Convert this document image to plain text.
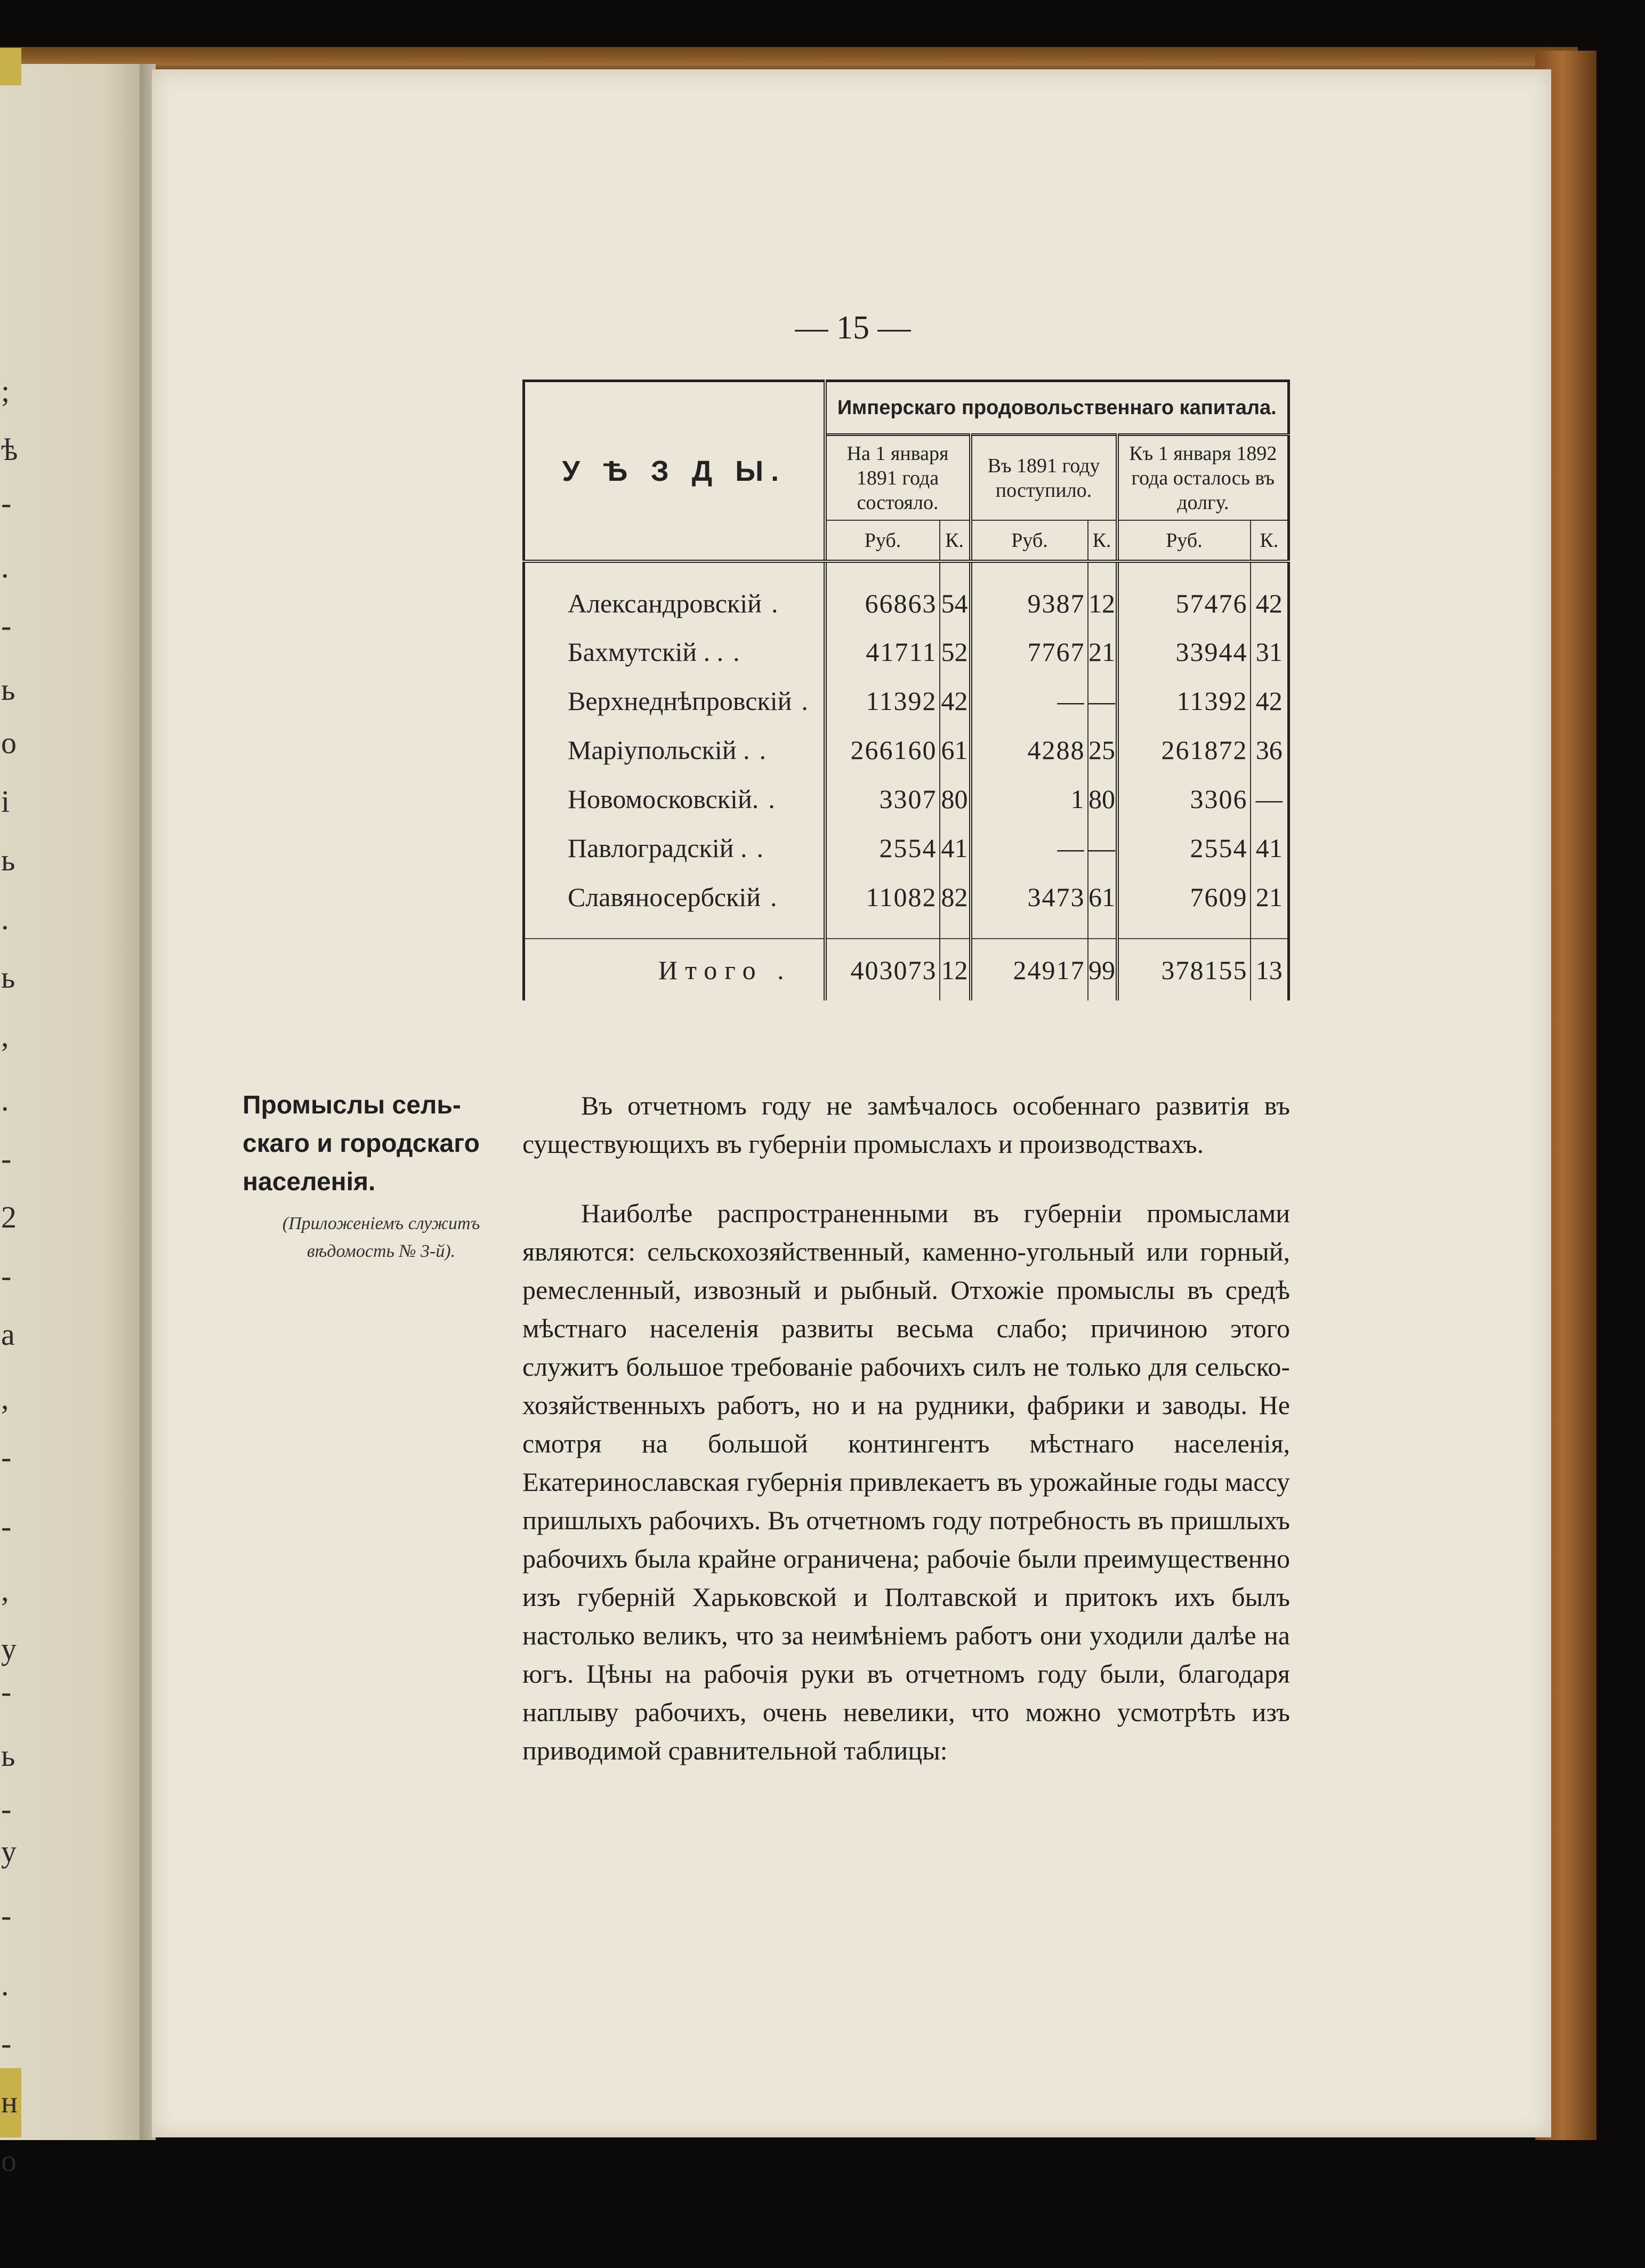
;
ѣ
-
.
-
ь
о
і
ь
.
ь
,
.
-
2
-
а
,
-
-
,
у
-
ь
-
у
-
.
-
н
о
— 15 —
У Ѣ З Д Ы.	Имперскаго продовольственнаго капитала.					
	На 1 января 1891 года состояло.		Въ 1891 году поступило.		Къ 1 января 1892 года осталось въ долгу.	
	Руб.	К.	Руб.	К.	Руб.	К.

Александровскій .	66863	54	9387	12	57476	42
Бахмутскій . . .	41711	52	7767	21	33944	31
Верхнеднѣпровскій .	11392	42	—	—	11392	42
Маріупольскій . .	266160	61	4288	25	261872	36
Новомосковскій. .	3307	80	1	80	3306	—
Павлоградскій . .	2554	41	—	—	2554	41
Славяносербскій .	11082	82	3473	61	7609	21

Итого .	403073	12	24917	99	378155	13
Промыслы сель-
скаго и городскаго
населенія.
(Приложеніемъ служитъ
вѣдомость № 3-й).

Въ отчетномъ году не замѣчалось особеннаго развитія въ существующихъ въ губерніи промыслахъ и производствахъ.

Наиболѣе распространенными въ губерніи промыслами являются: сельскохозяйственный, каменно-угольный или горный, ремесленный, извозный и рыбный. Отхожіе промыслы въ средѣ мѣстнаго населенія развиты весьма слабо; причиною этого служитъ большое требованіе рабочихъ силъ не только для сельско-хозяйственныхъ работъ, но и на рудники, фабрики и заводы. Не смотря на большой контингентъ мѣстнаго населенія, Екатеринославская губернія привлекаетъ въ урожайные годы массу пришлыхъ рабочихъ. Въ отчетномъ году потребность въ пришлыхъ рабочихъ была крайне ограничена; рабочіе были преимущественно изъ губерній Харьковской и Полтавской и притокъ ихъ былъ настолько великъ, что за неимѣніемъ работъ они уходили далѣе на югъ. Цѣны на рабочія руки въ отчетномъ году были, благодаря наплыву рабочихъ, очень невелики, что можно усмотрѣть изъ приводимой сравнительной таблицы:
